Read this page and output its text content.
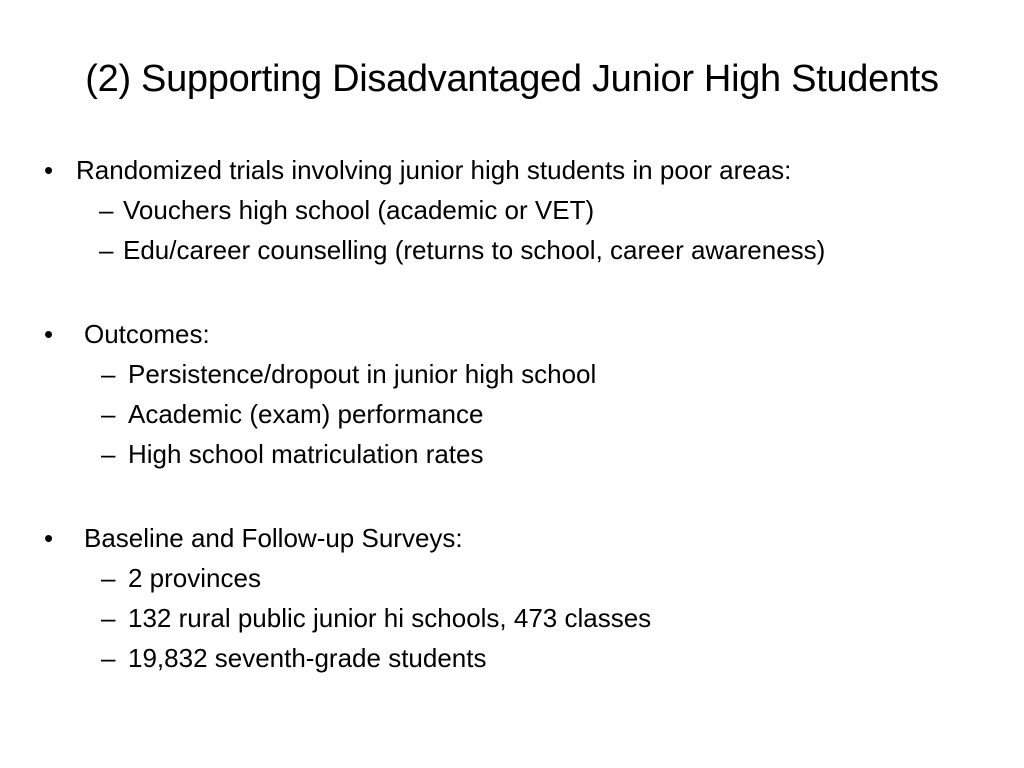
(2) Supporting Disadvantaged Junior High Students
• Randomized trials involving junior high students in poor areas:
– Vouchers high school (academic or VET)
– Edu/career counselling (returns to school, career awareness)
• Outcomes:
– Persistence/dropout in junior high school
– Academic (exam) performance
– High school matriculation rates
• Baseline and Follow-up Surveys:
– 2 provinces
– 132 rural public junior hi schools, 473 classes
– 19,832 seventh-grade students
